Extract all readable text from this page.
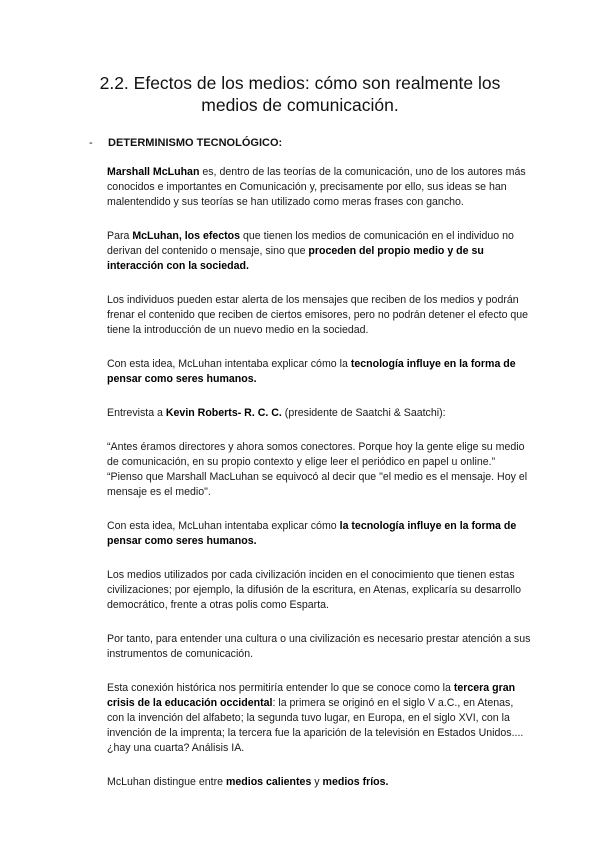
2.2. Efectos de los medios: cómo son realmente los
medios de comunicación.
- DETERMINISMO TECNOLÓGICO:

Marshall McLuhan es, dentro de las teorías de la comunicación, uno de los autores más conocidos e importantes en Comunicación y, precisamente por ello, sus ideas se han malentendido y sus teorías se han utilizado como meras frases con gancho.

Para McLuhan, los efectos que tienen los medios de comunicación en el individuo no derivan del contenido o mensaje, sino que proceden del propio medio y de su interacción con la sociedad.

Los individuos pueden estar alerta de los mensajes que reciben de los medios y podrán frenar el contenido que reciben de ciertos emisores, pero no podrán detener el efecto que tiene la introducción de un nuevo medio en la sociedad.

Con esta idea, McLuhan intentaba explicar cómo la tecnología influye en la forma de pensar como seres humanos.

Entrevista a Kevin Roberts- R. C. C. (presidente de Saatchi & Saatchi):

“Antes éramos directores y ahora somos conectores. Porque hoy la gente elige su medio de comunicación, en su propio contexto y elige leer el periódico en papel u online.”

“Pienso que Marshall MacLuhan se equivocó al decir que "el medio es el mensaje. Hoy el mensaje es el medio".

Con esta idea, McLuhan intentaba explicar cómo la tecnología influye en la forma de pensar como seres humanos.

Los medios utilizados por cada civilización inciden en el conocimiento que tienen estas civilizaciones; por ejemplo, la difusión de la escritura, en Atenas, explicaría su desarrollo democrático, frente a otras polis como Esparta.

Por tanto, para entender una cultura o una civilización es necesario prestar atención a sus instrumentos de comunicación.

Esta conexión histórica nos permitiría entender lo que se conoce como la tercera gran crisis de la educación occidental: la primera se originó en el siglo V a.C., en Atenas, con la invención del alfabeto; la segunda tuvo lugar, en Europa, en el siglo XVI, con la invención de la imprenta; la tercera fue la aparición de la televisión en Estados Unidos....¿hay una cuarta? Análisis IA.

McLuhan distingue entre medios calientes y medios fríos.
